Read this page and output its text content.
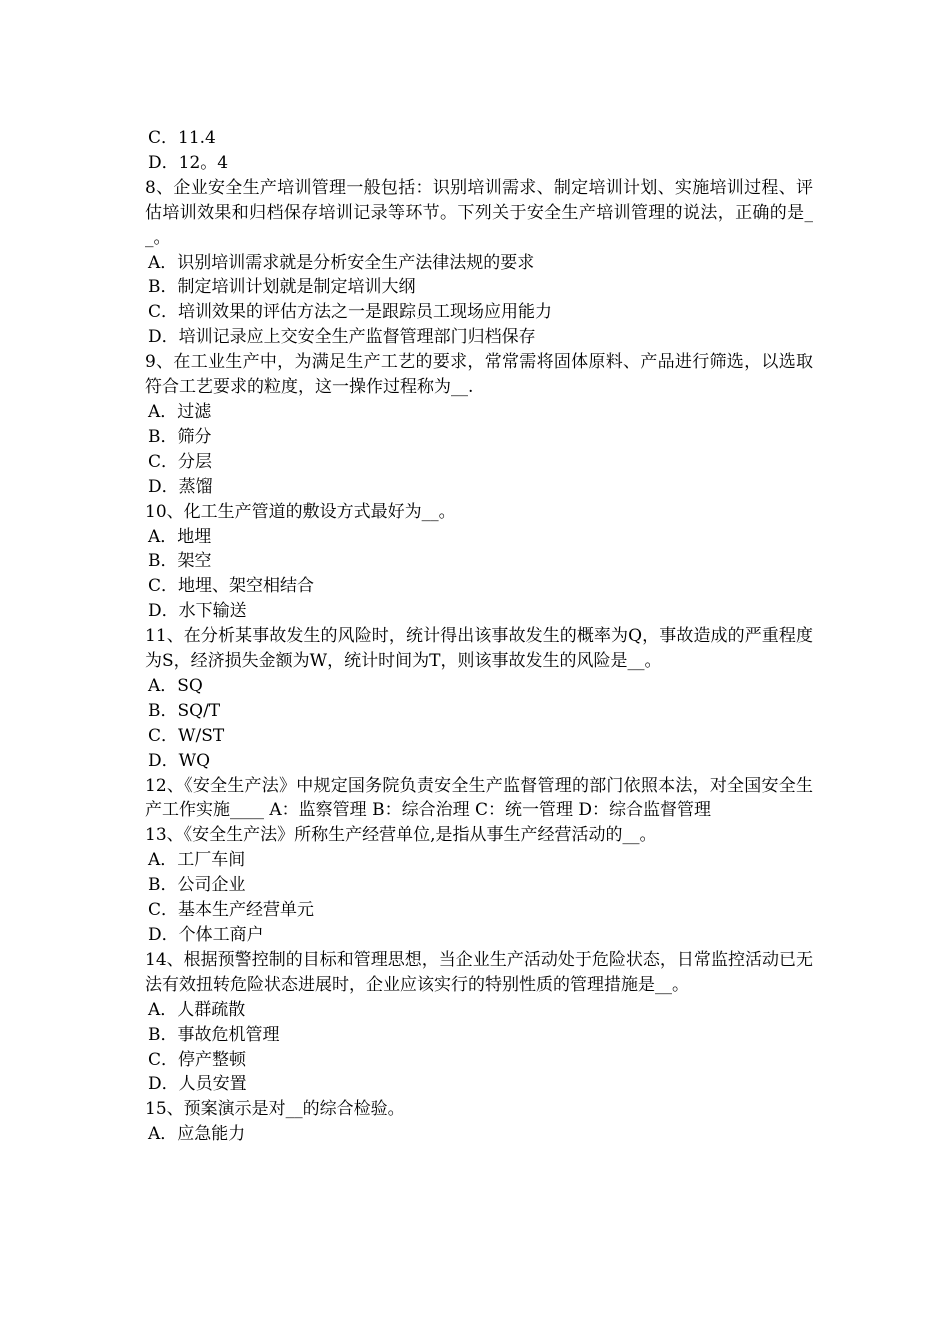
C．11.4

D．12。4

8、企业安全生产培训管理一般包括：识别培训需求、制定培训计划、实施培训过程、评估培训效果和归档保存培训记录等环节。下列关于安全生产培训管理的说法，正确的是__。

A．识别培训需求就是分析安全生产法律法规的要求

B．制定培训计划就是制定培训大纲

C．培训效果的评估方法之一是跟踪员工现场应用能力

D．培训记录应上交安全生产监督管理部门归档保存

9、在工业生产中，为满足生产工艺的要求，常常需将固体原料、产品进行筛选，以选取符合工艺要求的粒度，这一操作过程称为__.

A．过滤

B．筛分

C．分层

D．蒸馏

10、化工生产管道的敷设方式最好为__。

A．地埋

B．架空

C．地埋、架空相结合

D．水下输送

11、在分析某事故发生的风险时，统计得出该事故发生的概率为Q，事故造成的严重程度为S，经济损失金额为W，统计时间为T，则该事故发生的风险是__。

A．SQ

B．SQ/T

C．W/ST

D．WQ

12、《安全生产法》中规定国务院负责安全生产监督管理的部门依照本法，对全国安全生产工作实施____ A：监察管理 B：综合治理 C：统一管理 D：综合监督管理

13、《安全生产法》所称生产经营单位,是指从事生产经营活动的__。

A．工厂车间

B．公司企业

C．基本生产经营单元

D．个体工商户

14、根据预警控制的目标和管理思想，当企业生产活动处于危险状态，日常监控活动已无法有效扭转危险状态进展时，企业应该实行的特别性质的管理措施是__。

A．人群疏散

B．事故危机管理

C．停产整顿

D．人员安置

15、预案演示是对__的综合检验。

A．应急能力
